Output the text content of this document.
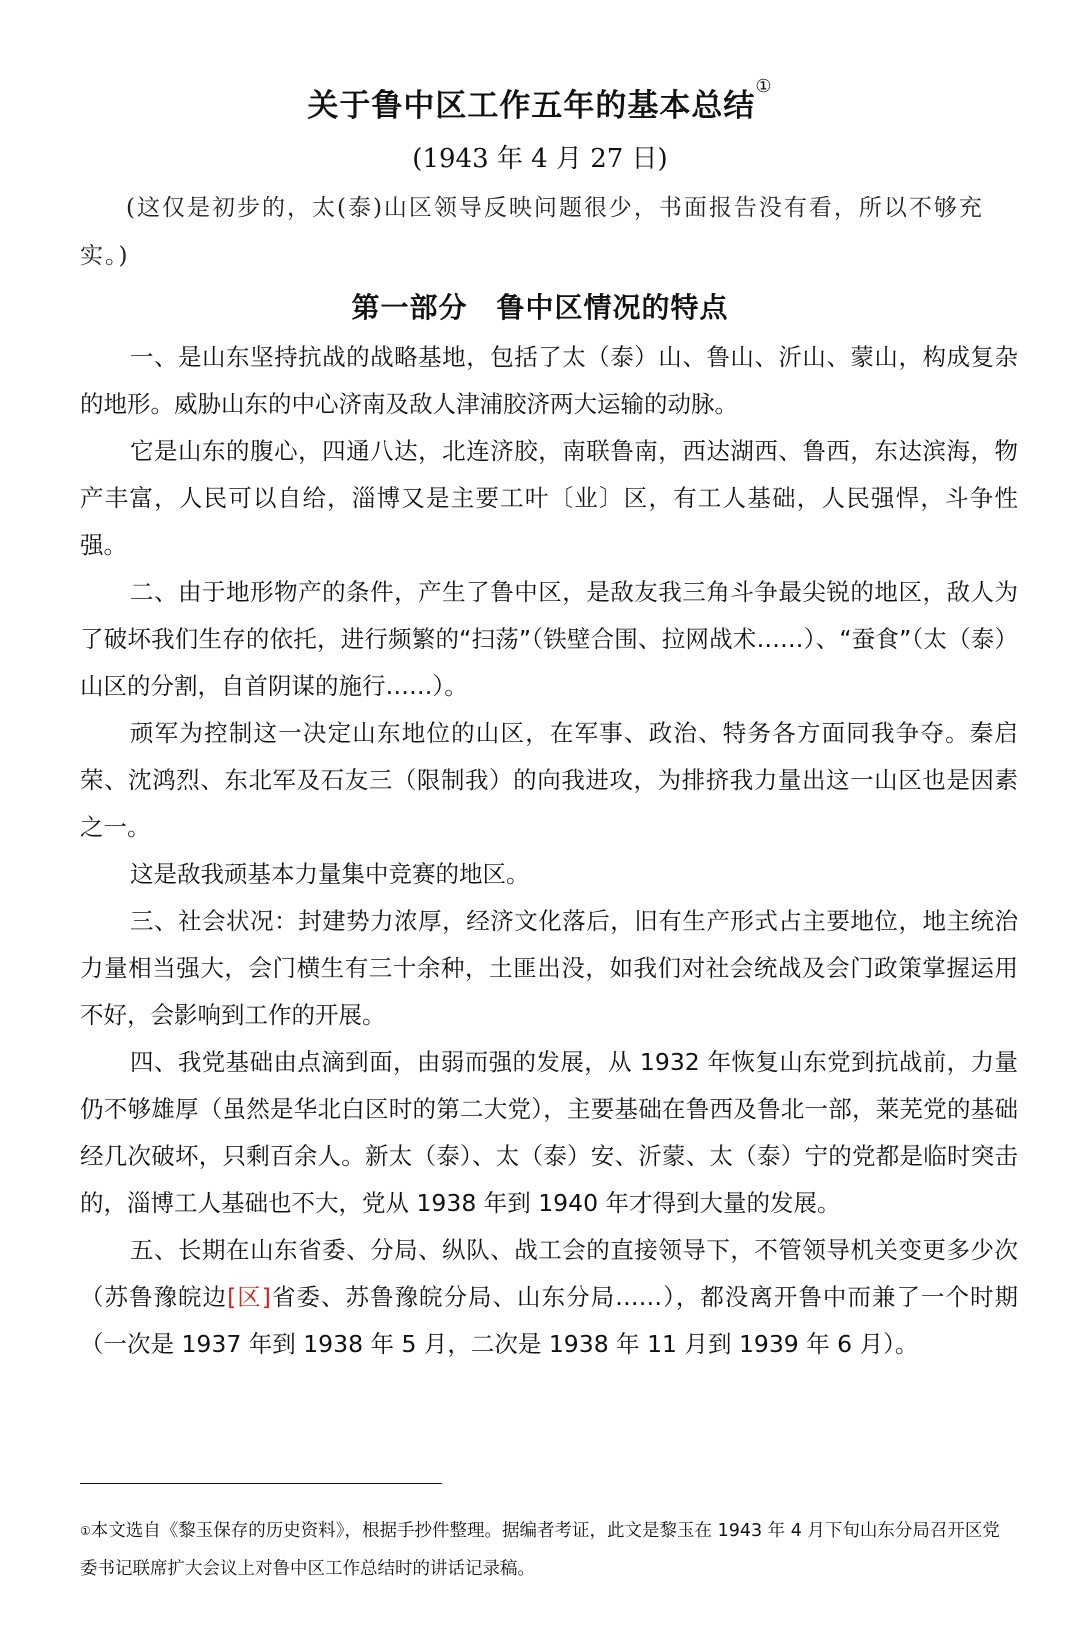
关于鲁中区工作五年的基本总结①
(1943 年 4 月 27 日)

(这仅是初步的，太(泰)山区领导反映问题很少，书面报告没有看，所以不够充实。)

第一部分　鲁中区情况的特点

一、是山东坚持抗战的战略基地，包括了太（泰）山、鲁山、沂山、蒙山，构成复杂的地形。威胁山东的中心济南及敌人津浦胶济两大运输的动脉。

它是山东的腹心，四通八达，北连济胶，南联鲁南，西达湖西、鲁西，东达滨海，物产丰富，人民可以自给，淄博又是主要工叶〔业〕区，有工人基础，人民强悍，斗争性强。

二、由于地形物产的条件，产生了鲁中区，是敌友我三角斗争最尖锐的地区，敌人为了破坏我们生存的依托，进行频繁的“扫荡”（铁壁合围、拉网战术……）、“蚕食”（太（泰）山区的分割，自首阴谋的施行……）。

顽军为控制这一决定山东地位的山区，在军事、政治、特务各方面同我争夺。秦启荣、沈鸿烈、东北军及石友三（限制我）的向我进攻，为排挤我力量出这一山区也是因素之一。

这是敌我顽基本力量集中竞赛的地区。

三、社会状况：封建势力浓厚，经济文化落后，旧有生产形式占主要地位，地主统治力量相当强大，会门横生有三十余种，土匪出没，如我们对社会统战及会门政策掌握运用不好，会影响到工作的开展。

四、我党基础由点滴到面，由弱而强的发展，从 1932 年恢复山东党到抗战前，力量仍不够雄厚（虽然是华北白区时的第二大党），主要基础在鲁西及鲁北一部，莱芜党的基础经几次破坏，只剩百余人。新太（泰）、太（泰）安、沂蒙、太（泰）宁的党都是临时突击的，淄博工人基础也不大，党从 1938 年到 1940 年才得到大量的发展。

五、长期在山东省委、分局、纵队、战工会的直接领导下，不管领导机关变更多少次（苏鲁豫皖边[区]省委、苏鲁豫皖分局、山东分局……），都没离开鲁中而兼了一个时期（一次是 1937 年到 1938 年 5 月，二次是 1938 年 11 月到 1939 年 6 月）。

①本文选自《黎玉保存的历史资料》，根据手抄件整理。据编者考证，此文是黎玉在 1943 年 4 月下旬山东分局召开区党委书记联席扩大会议上对鲁中区工作总结时的讲话记录稿。
